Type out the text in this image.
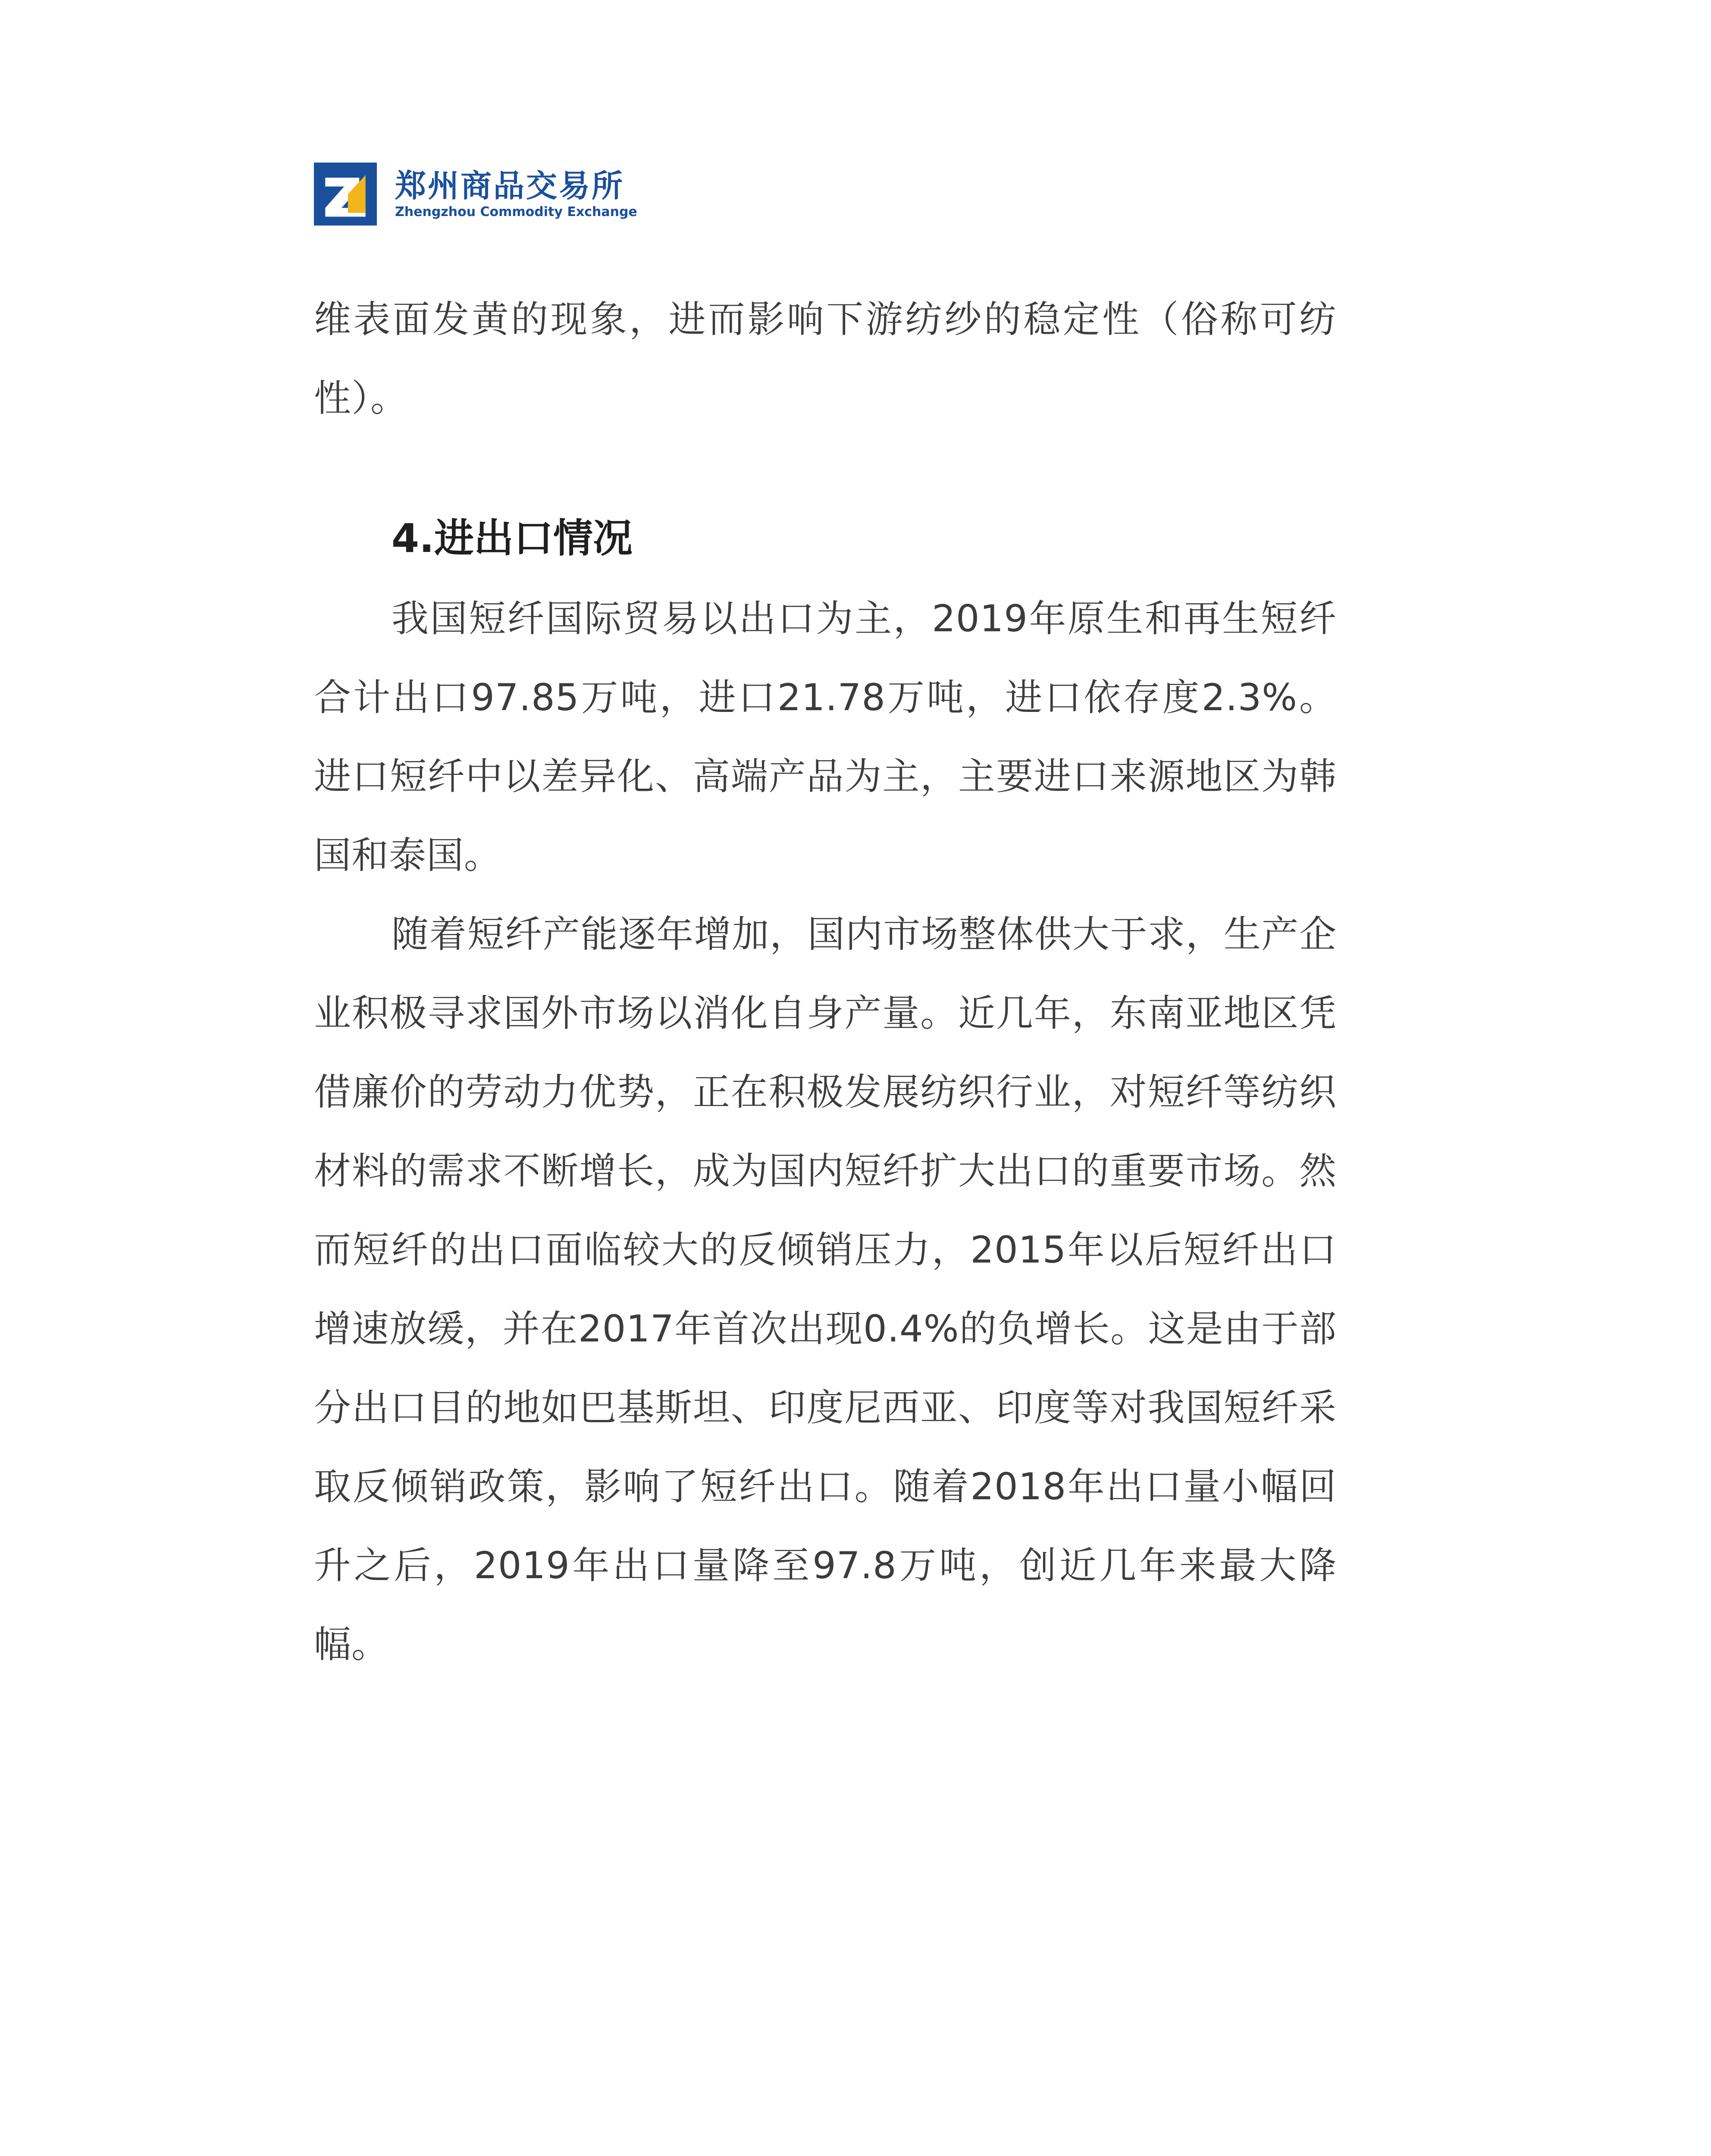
郑州商品交易所
Zhengzhou Commodity Exchange

维表面发黄的现象，进而影响下游纺纱的稳定性（俗称可纺性）。

4.进出口情况

我国短纤国际贸易以出口为主，2019年原生和再生短纤合计出口97.85万吨，进口21.78万吨，进口依存度2.3%。进口短纤中以差异化、高端产品为主，主要进口来源地区为韩国和泰国。

随着短纤产能逐年增加，国内市场整体供大于求，生产企业积极寻求国外市场以消化自身产量。近几年，东南亚地区凭借廉价的劳动力优势，正在积极发展纺织行业，对短纤等纺织材料的需求不断增长，成为国内短纤扩大出口的重要市场。然而短纤的出口面临较大的反倾销压力，2015年以后短纤出口增速放缓，并在2017年首次出现0.4%的负增长。这是由于部分出口目的地如巴基斯坦、印度尼西亚、印度等对我国短纤采取反倾销政策，影响了短纤出口。随着2018年出口量小幅回升之后，2019年出口量降至97.8万吨，创近几年来最大降幅。
